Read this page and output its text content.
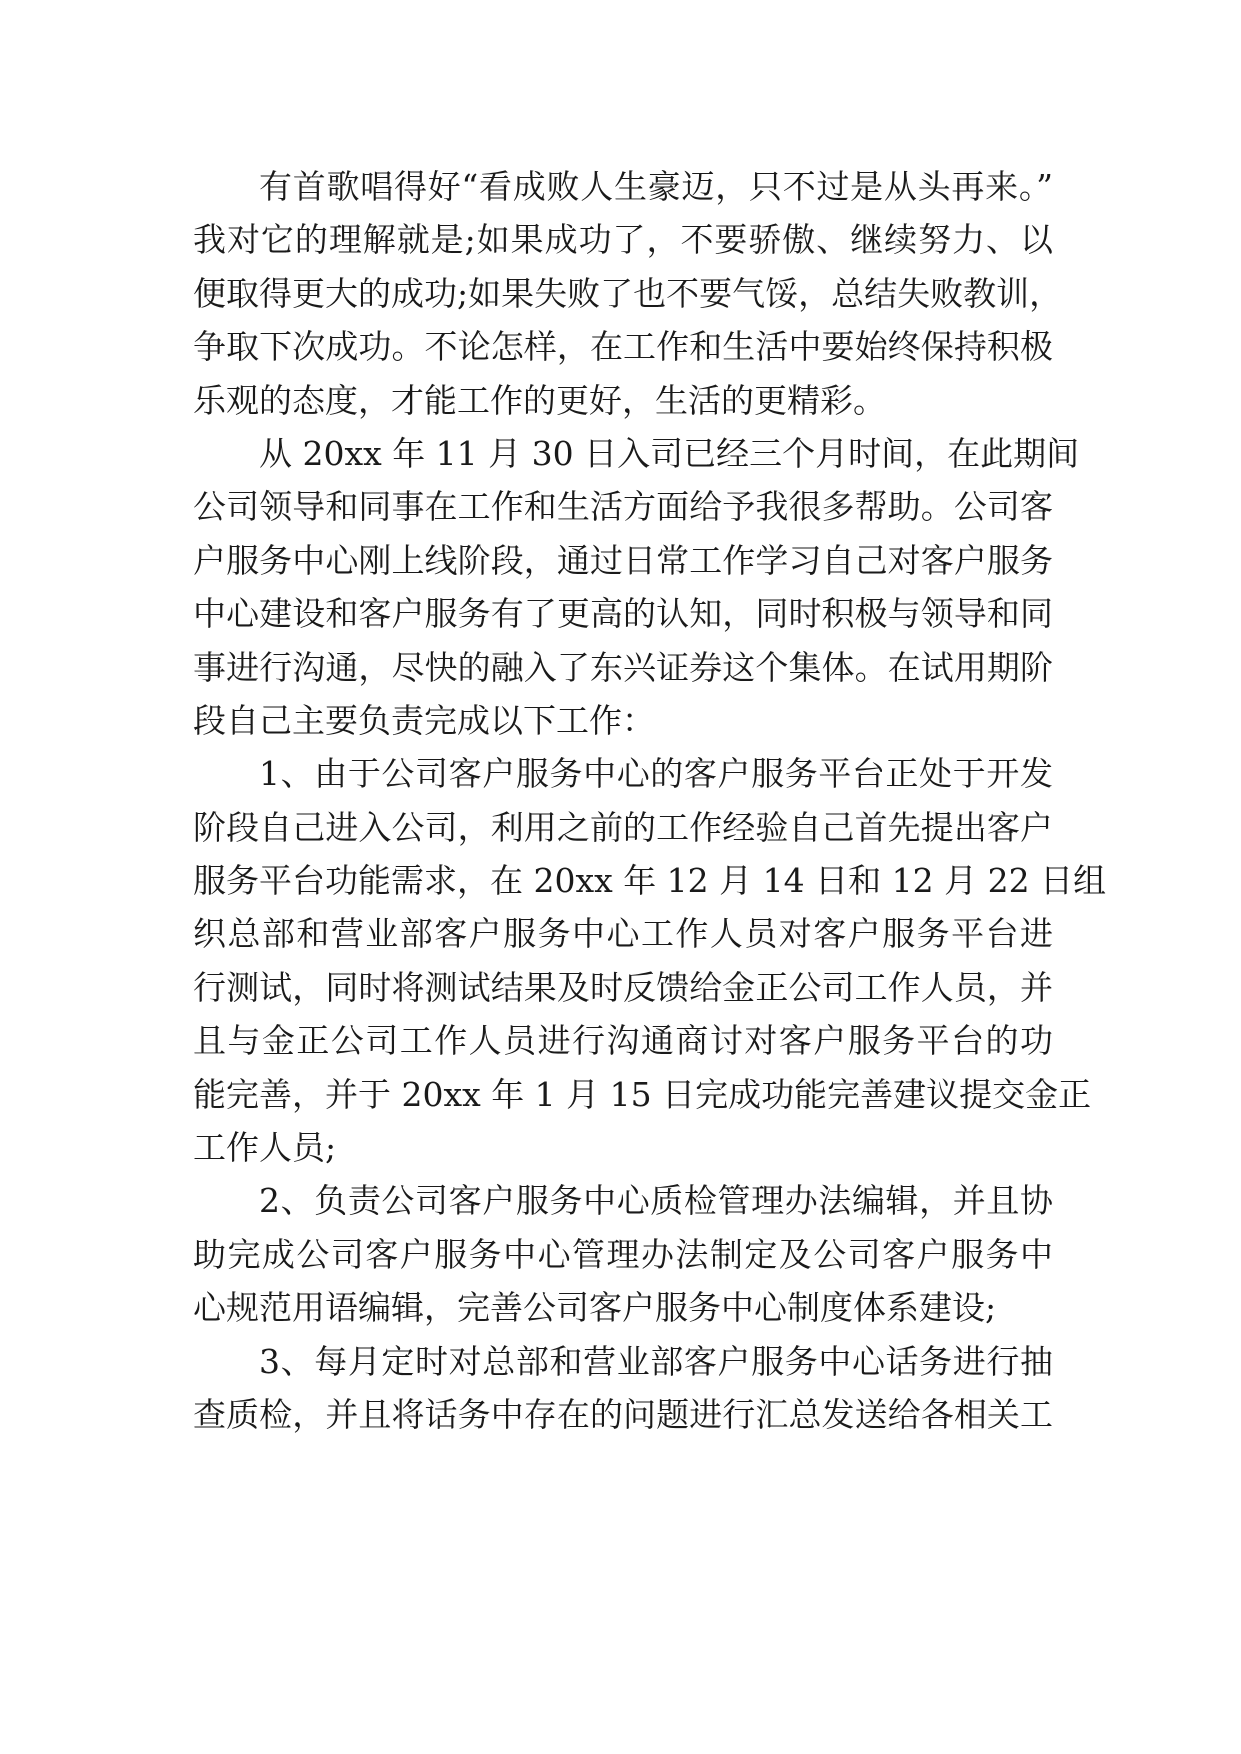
有首歌唱得好“看成败人生豪迈，只不过是从头再来。”
我对它的理解就是;如果成功了，不要骄傲、继续努力、以
便取得更大的成功;如果失败了也不要气馁，总结失败教训，
争取下次成功。不论怎样，在工作和生活中要始终保持积极
乐观的态度，才能工作的更好，生活的更精彩。
从 20xx 年 11 月 30 日入司已经三个月时间，在此期间
公司领导和同事在工作和生活方面给予我很多帮助。公司客
户服务中心刚上线阶段，通过日常工作学习自己对客户服务
中心建设和客户服务有了更高的认知，同时积极与领导和同
事进行沟通，尽快的融入了东兴证券这个集体。在试用期阶
段自己主要负责完成以下工作：
1、由于公司客户服务中心的客户服务平台正处于开发
阶段自己进入公司，利用之前的工作经验自己首先提出客户
服务平台功能需求，在 20xx 年 12 月 14 日和 12 月 22 日组
织总部和营业部客户服务中心工作人员对客户服务平台进
行测试，同时将测试结果及时反馈给金正公司工作人员，并
且与金正公司工作人员进行沟通商讨对客户服务平台的功
能完善，并于 20xx 年 1 月 15 日完成功能完善建议提交金正
工作人员;
2、负责公司客户服务中心质检管理办法编辑，并且协
助完成公司客户服务中心管理办法制定及公司客户服务中
心规范用语编辑，完善公司客户服务中心制度体系建设;
3、每月定时对总部和营业部客户服务中心话务进行抽
查质检，并且将话务中存在的问题进行汇总发送给各相关工
